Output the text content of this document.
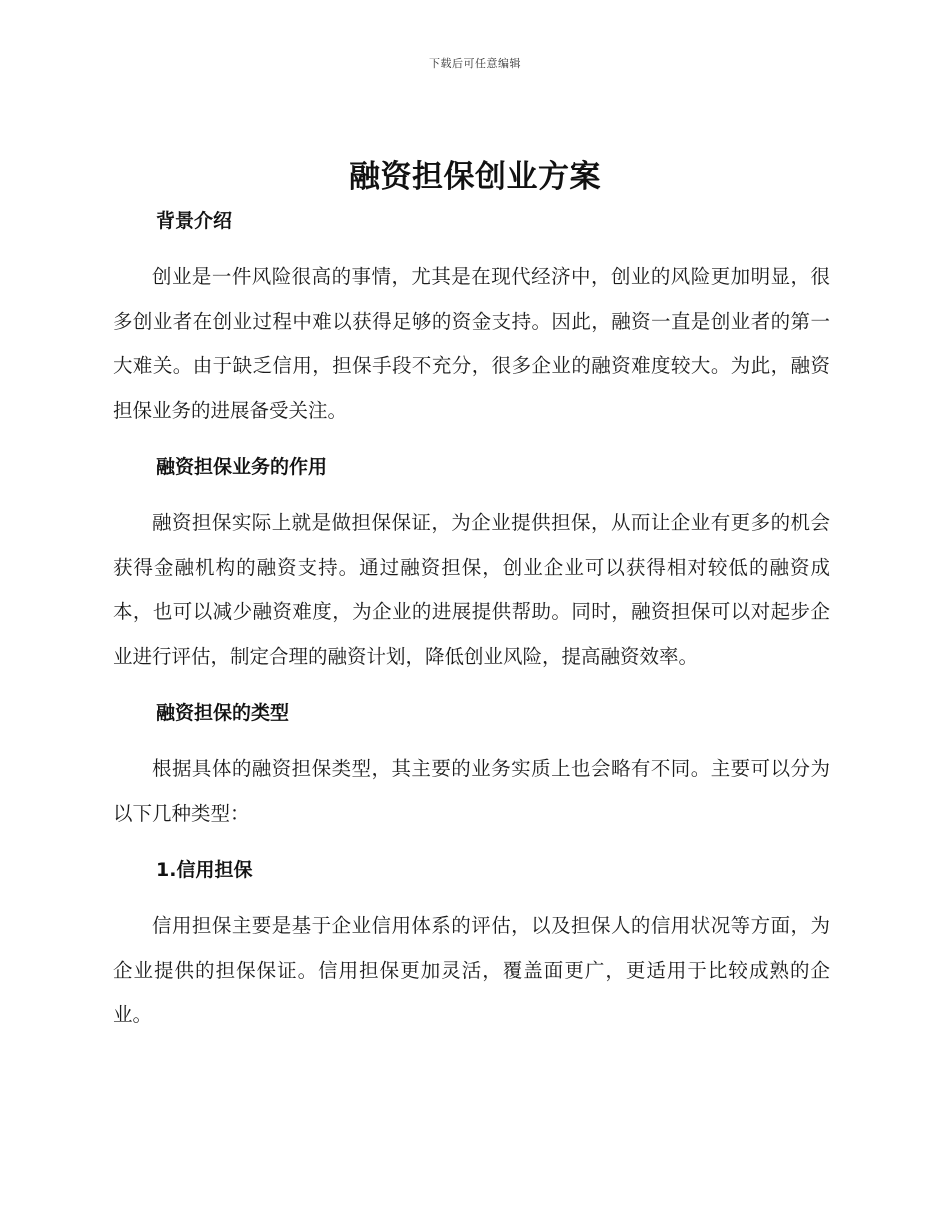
下载后可任意编辑
融资担保创业方案
背景介绍

创业是一件风险很高的事情，尤其是在现代经济中，创业的风险更加明显，很多创业者在创业过程中难以获得足够的资金支持。因此，融资一直是创业者的第一大难关。由于缺乏信用，担保手段不充分，很多企业的融资难度较大。为此，融资担保业务的进展备受关注。

融资担保业务的作用

融资担保实际上就是做担保保证，为企业提供担保，从而让企业有更多的机会获得金融机构的融资支持。通过融资担保，创业企业可以获得相对较低的融资成本，也可以减少融资难度，为企业的进展提供帮助。同时，融资担保可以对起步企业进行评估，制定合理的融资计划，降低创业风险，提高融资效率。

融资担保的类型

根据具体的融资担保类型，其主要的业务实质上也会略有不同。主要可以分为以下几种类型：

1.信用担保

信用担保主要是基于企业信用体系的评估，以及担保人的信用状况等方面，为企业提供的担保保证。信用担保更加灵活，覆盖面更广，更适用于比较成熟的企业。
